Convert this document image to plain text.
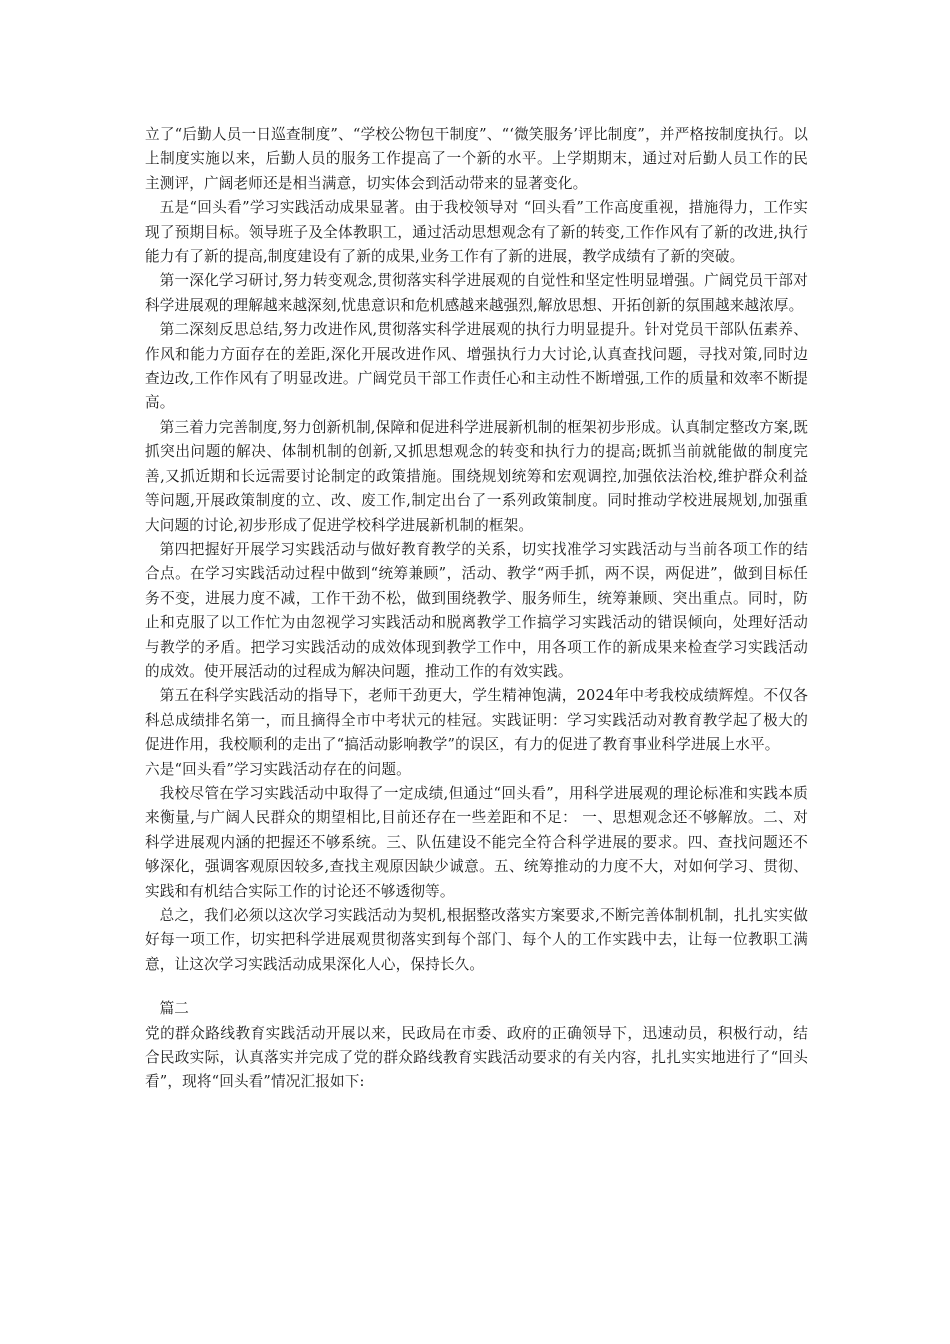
立了“后勤人员一日巡查制度”、“学校公物包干制度”、“‘微笑服务’评比制度”，并严格按制度执行。以上制度实施以来，后勤人员的服务工作提高了一个新的水平。上学期期末，通过对后勤人员工作的民主测评，广阔老师还是相当满意，切实体会到活动带来的显著变化。

五是“回头看”学习实践活动成果显著。由于我校领导对 “回头看”工作高度重视，措施得力，工作实现了预期目标。领导班子及全体教职工，通过活动思想观念有了新的转变,工作作风有了新的改进,执行能力有了新的提高,制度建设有了新的成果,业务工作有了新的进展，教学成绩有了新的突破。

第一深化学习研讨,努力转变观念,贯彻落实科学进展观的自觉性和坚定性明显增强。广阔党员干部对科学进展观的理解越来越深刻,忧患意识和危机感越来越强烈,解放思想、开拓创新的氛围越来越浓厚。

第二深刻反思总结,努力改进作风,贯彻落实科学进展观的执行力明显提升。针对党员干部队伍素养、作风和能力方面存在的差距,深化开展改进作风、增强执行力大讨论,认真查找问题，寻找对策,同时边查边改,工作作风有了明显改进。广阔党员干部工作责任心和主动性不断增强,工作的质量和效率不断提高。

第三着力完善制度,努力创新机制,保障和促进科学进展新机制的框架初步形成。认真制定整改方案,既抓突出问题的解决、体制机制的创新,又抓思想观念的转变和执行力的提高;既抓当前就能做的制度完善,又抓近期和长远需要讨论制定的政策措施。围绕规划统筹和宏观调控,加强依法治校,维护群众利益等问题,开展政策制度的立、改、废工作,制定出台了一系列政策制度。同时推动学校进展规划,加强重大问题的讨论,初步形成了促进学校科学进展新机制的框架。

第四把握好开展学习实践活动与做好教育教学的关系，切实找准学习实践活动与当前各项工作的结合点。在学习实践活动过程中做到“统筹兼顾”，活动、教学“两手抓，两不误，两促进”，做到目标任务不变，进展力度不减，工作干劲不松，做到围绕教学、服务师生，统筹兼顾、突出重点。同时，防止和克服了以工作忙为由忽视学习实践活动和脱离教学工作搞学习实践活动的错误倾向，处理好活动与教学的矛盾。把学习实践活动的成效体现到教学工作中，用各项工作的新成果来检查学习实践活动的成效。使开展活动的过程成为解决问题，推动工作的有效实践。

第五在科学实践活动的指导下，老师干劲更大，学生精神饱满，2024年中考我校成绩辉煌。不仅各科总成绩排名第一，而且摘得全市中考状元的桂冠。实践证明：学习实践活动对教育教学起了极大的促进作用，我校顺利的走出了“搞活动影响教学”的误区，有力的促进了教育事业科学进展上水平。

六是“回头看”学习实践活动存在的问题。

我校尽管在学习实践活动中取得了一定成绩,但通过“回头看”，用科学进展观的理论标准和实践本质来衡量,与广阔人民群众的期望相比,目前还存在一些差距和不足： 一、思想观念还不够解放。二、对科学进展观内涵的把握还不够系统。三、队伍建设不能完全符合科学进展的要求。四、查找问题还不够深化，强调客观原因较多,查找主观原因缺少诚意。五、统筹推动的力度不大，对如何学习、贯彻、实践和有机结合实际工作的讨论还不够透彻等。

总之，我们必须以这次学习实践活动为契机,根据整改落实方案要求,不断完善体制机制，扎扎实实做好每一项工作，切实把科学进展观贯彻落实到每个部门、每个人的工作实践中去，让每一位教职工满意，让这次学习实践活动成果深化人心，保持长久。

篇二

党的群众路线教育实践活动开展以来，民政局在市委、政府的正确领导下，迅速动员，积极行动，结合民政实际，认真落实并完成了党的群众路线教育实践活动要求的有关内容，扎扎实实地进行了“回头看”，现将“回头看”情况汇报如下:
